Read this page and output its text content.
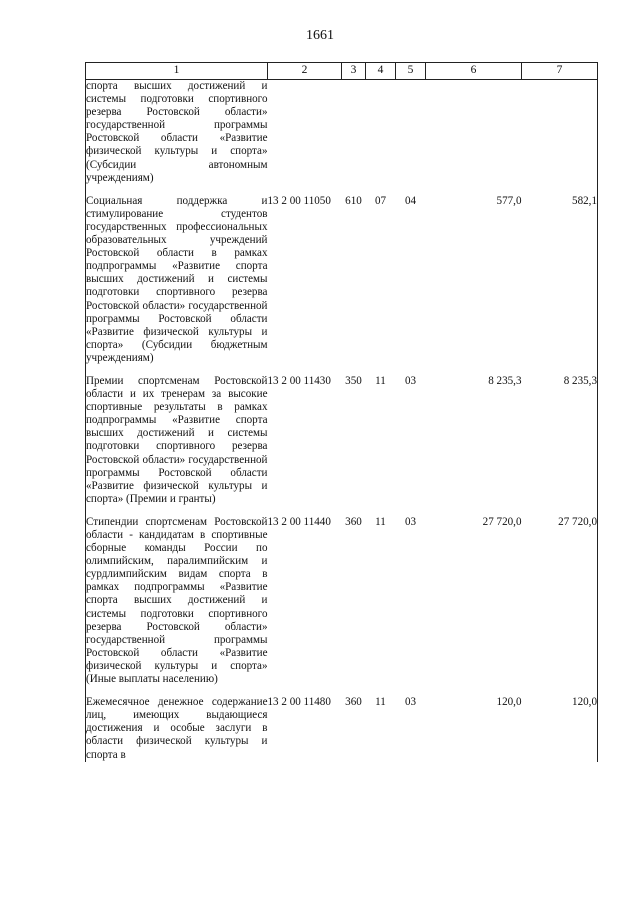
1661
1	2	3	4	5	6	7

спорта высших достижений и системы подготовки спортивного резерва Ростовской области» государственной программы Ростовской области «Развитие физической культуры и спорта» (Субсидии автономным учреждениям)						

Социальная поддержка и стимулирование студентов государственных профессиональных образовательных учреждений Ростовской области в рамках подпрограммы «Развитие спорта высших достижений и системы подготовки спортивного резерва Ростовской области» государственной программы Ростовской области «Развитие физической культуры и спорта» (Субсидии бюджетным учреждениям)	13 2 00 11050	610	07	04	577,0	582,1

Премии спортсменам Ростовской области и их тренерам за высокие спортивные результаты в рамках подпрограммы «Развитие спорта высших достижений и системы подготовки спортивного резерва Ростовской области» государственной программы Ростовской области «Развитие физической культуры и спорта» (Премии и гранты)	13 2 00 11430	350	11	03	8 235,3	8 235,3

Стипендии спортсменам Ростовской области - кандидатам в спортивные сборные команды России по олимпийским, паралимпийским и сурдлимпийским видам спорта в рамках подпрограммы «Развитие спорта высших достижений и системы подготовки спортивного резерва Ростовской области» государственной программы Ростовской области «Развитие физической культуры и спорта» (Иные выплаты населению)	13 2 00 11440	360	11	03	27 720,0	27 720,0

Ежемесячное денежное содержание лиц, имеющих выдающиеся достижения и особые заслуги в области физической культуры и спорта в	13 2 00 11480	360	11	03	120,0	120,0
